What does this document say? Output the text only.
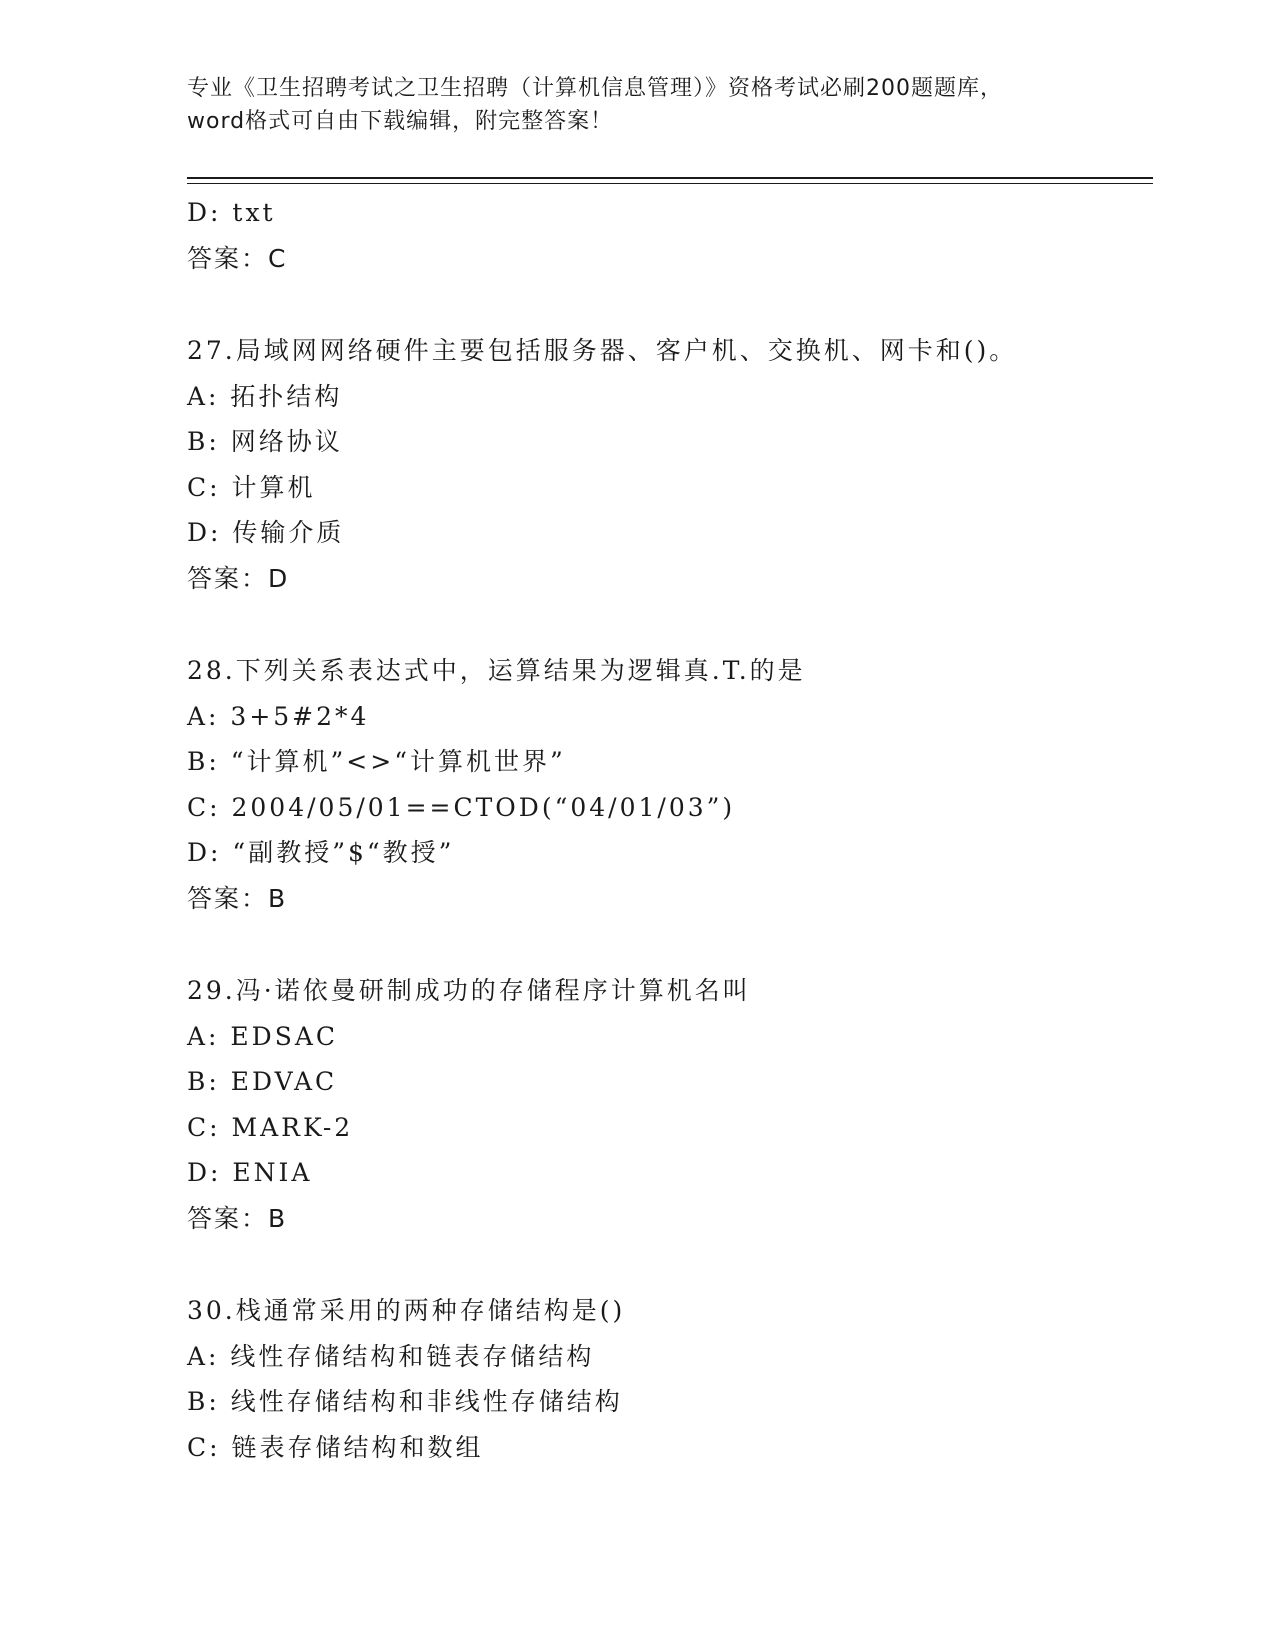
专业《卫生招聘考试之卫生招聘（计算机信息管理）》资格考试必刷200题题库，
word格式可自由下载编辑，附完整答案！
D: txt
答案：C
27.局域网网络硬件主要包括服务器、客户机、交换机、网卡和()。
A: 拓扑结构
B: 网络协议
C: 计算机
D: 传输介质
答案：D
28.下列关系表达式中，运算结果为逻辑真.T.的是
A: 3+5#2*4
B: “计算机”<>“计算机世界”
C: 2004/05/01==CTOD(“04/01/03”)
D: “副教授”$“教授”
答案：B
29.冯·诺依曼研制成功的存储程序计算机名叫
A: EDSAC
B: EDVAC
C: MARK-2
D: ENIA
答案：B
30.栈通常采用的两种存储结构是()
A: 线性存储结构和链表存储结构
B: 线性存储结构和非线性存储结构
C: 链表存储结构和数组
